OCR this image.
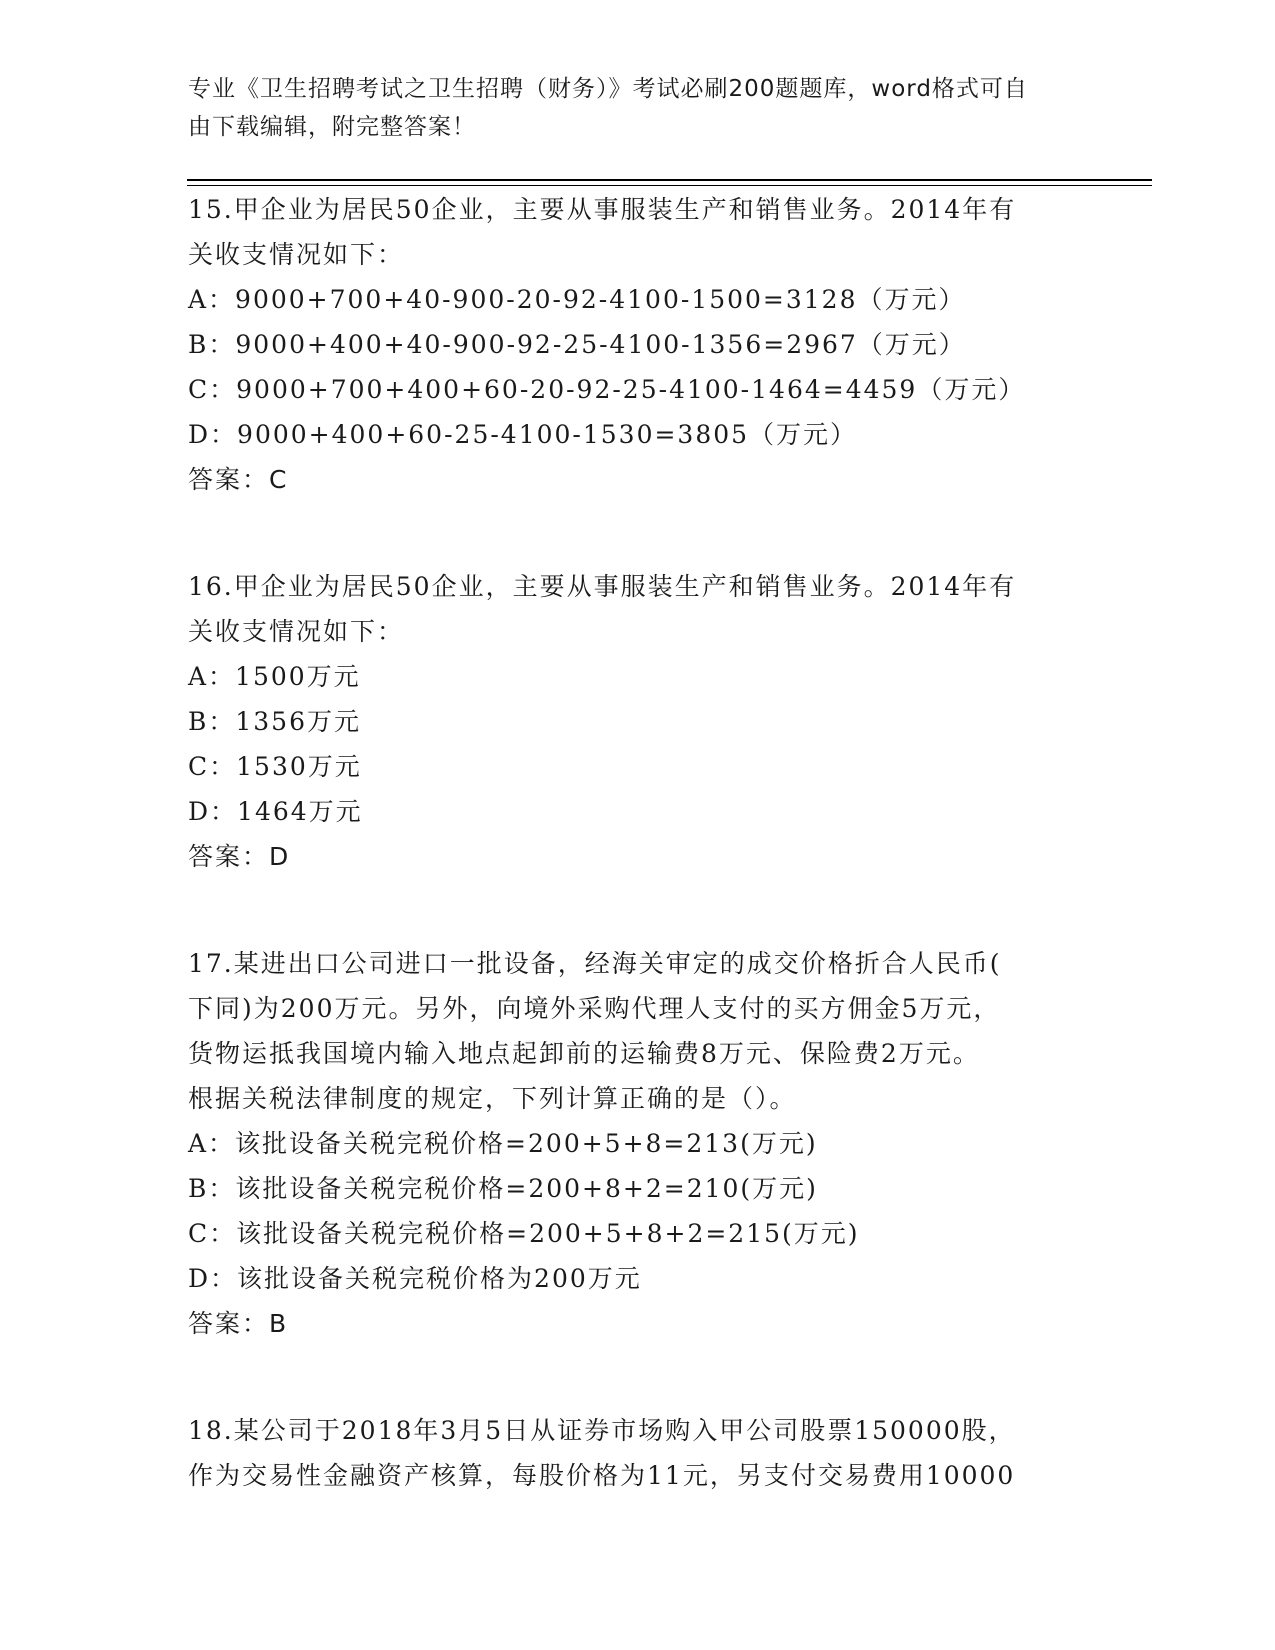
专业《卫生招聘考试之卫生招聘（财务）》考试必刷200题题库，word格式可自
由下载编辑，附完整答案！

15.甲企业为居民50企业，主要从事服装生产和销售业务。2014年有

关收支情况如下：

A：9000+700+40-900-20-92-4100-1500=3128（万元）

B：9000+400+40-900-92-25-4100-1356=2967（万元）

C：9000+700+400+60-20-92-25-4100-1464=4459（万元）

D：9000+400+60-25-4100-1530=3805（万元）

答案：C

16.甲企业为居民50企业，主要从事服装生产和销售业务。2014年有

关收支情况如下：

A：1500万元

B：1356万元

C：1530万元

D：1464万元

答案：D

17.某进出口公司进口一批设备，经海关审定的成交价格折合人民币(

下同)为200万元。另外，向境外采购代理人支付的买方佣金5万元，

货物运抵我国境内输入地点起卸前的运输费8万元、保险费2万元。

根据关税法律制度的规定，下列计算正确的是（）。

A：该批设备关税完税价格=200+5+8=213(万元)

B：该批设备关税完税价格=200+8+2=210(万元)

C：该批设备关税完税价格=200+5+8+2=215(万元)

D：该批设备关税完税价格为200万元

答案：B

18.某公司于2018年3月5日从证券市场购入甲公司股票150000股，

作为交易性金融资产核算，每股价格为11元，另支付交易费用10000
